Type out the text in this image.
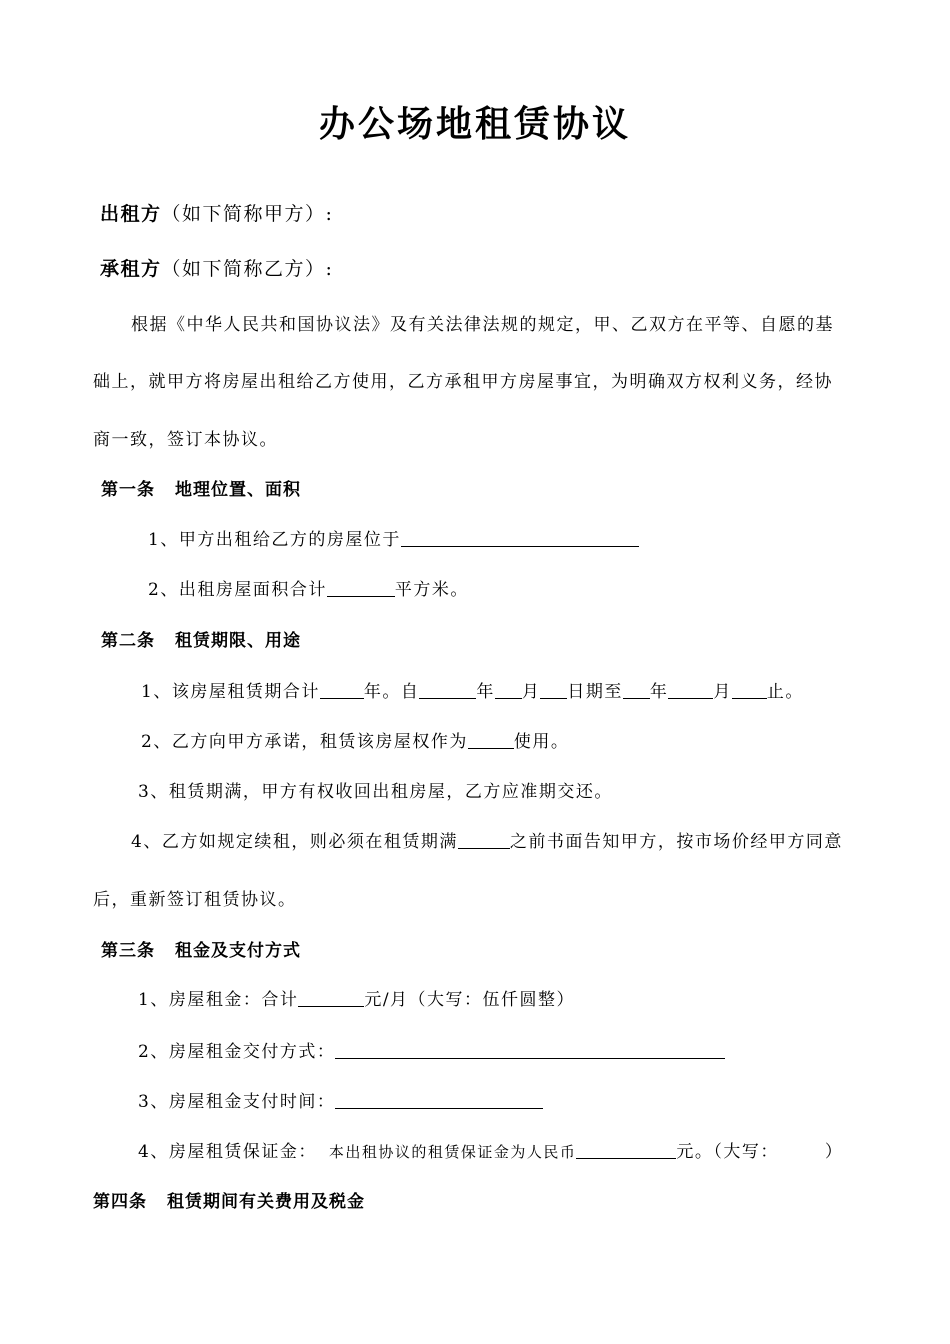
办公场地租赁协议
出租方（如下简称甲方）:
承租方（如下简称乙方）:
根据《中华人民共和国协议法》及有关法律法规的规定，甲、乙双方在平等、自愿的基
础上，就甲方将房屋出租给乙方使用，乙方承租甲方房屋事宜，为明确双方权利义务，经协
商一致，签订本协议。
第一条 地理位置、面积
1、甲方出租给乙方的房屋位于
2、出租房屋面积合计	平方米。
第二条 租赁期限、用途
1、该房屋租赁期合计	年。自	年 月 日期至 年	月 止。
2、乙方向甲方承诺，租赁该房屋权作为	使用。
3、租赁期满，甲方有权收回出租房屋，乙方应准期交还。
4、乙方如规定续租，则必须在租赁期满	之前书面告知甲方，按市场价经甲方同意
后，重新签订租赁协议。
第三条 租金及支付方式
1、房屋租金：合计	元/月（大写：伍仟圆整）
2、房屋租金交付方式：
3、房屋租金支付时间：
4、房屋租赁保证金： 本出租协议的租赁保证金为人民币	元。（大写：	）
第四条 租赁期间有关费用及税金
